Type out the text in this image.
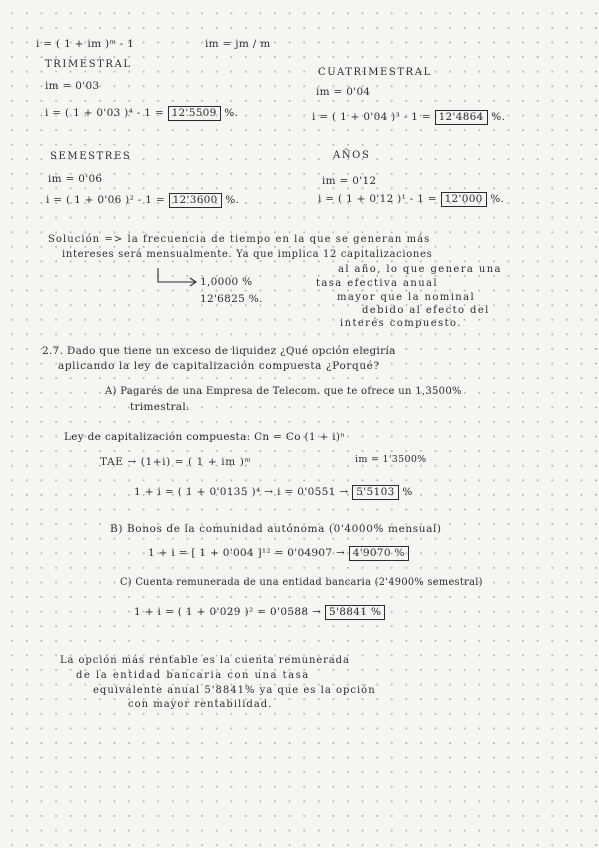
i = ( 1 + im )ᵐ - 1	im = jm / m
TRIMESTRAL
im = 0'03
i = ( 1 + 0'03 )⁴ - 1 = 12'5509 %.
CUATRIMESTRAL
im = 0'04
i = ( 1 + 0'04 )³ - 1 = 12'4864 %.
SEMESTRES
im = 0'06
i = ( 1 + 0'06 )² - 1 = 12'3600 %.
AÑOS
im = 0'12
i = ( 1 + 0'12 )¹ - 1 = 12'000 %.
Solución => la frecuencia de tiempo en la que se generan más
intereses será mensualmente. Ya que implica 12 capitalizaciones
al año, lo que genera una
tasa efectiva anual
mayor que la nominal
debido al efecto del
interés compuesto.
1,0000 %
12'6825 %.
2.7. Dado que tiene un exceso de liquidez ¿Qué opción elegiría
aplicando la ley de capitalización compuesta ¿Porqué?
A) Pagarés de una Empresa de Telecom. que te ofrece un 1,3500%
trimestral.
Ley de capitalización compuesta: Cn = Co (1 + i)ⁿ
TAE → (1+i) = ( 1 + im )ᵐ	im = 1'3500%
1 + i = ( 1 + 0'0135 )⁴ → i = 0'0551 → 5'5103 %
B) Bonos de la comunidad autónoma (0'4000% mensual)
1 + i = [ 1 + 0'004 ]¹² = 0'04907 → 4'9070 %
C) Cuenta remunerada de una entidad bancaria (2'4900% semestral)
1 + i = ( 1 + 0'029 )² = 0'0588 → 5'8841 %
La opción más rentable es la cuenta remunerada
de la entidad bancaria con una tasa
equivalente anual 5'8841% ya que es la opción
con mayor rentabilidad.
